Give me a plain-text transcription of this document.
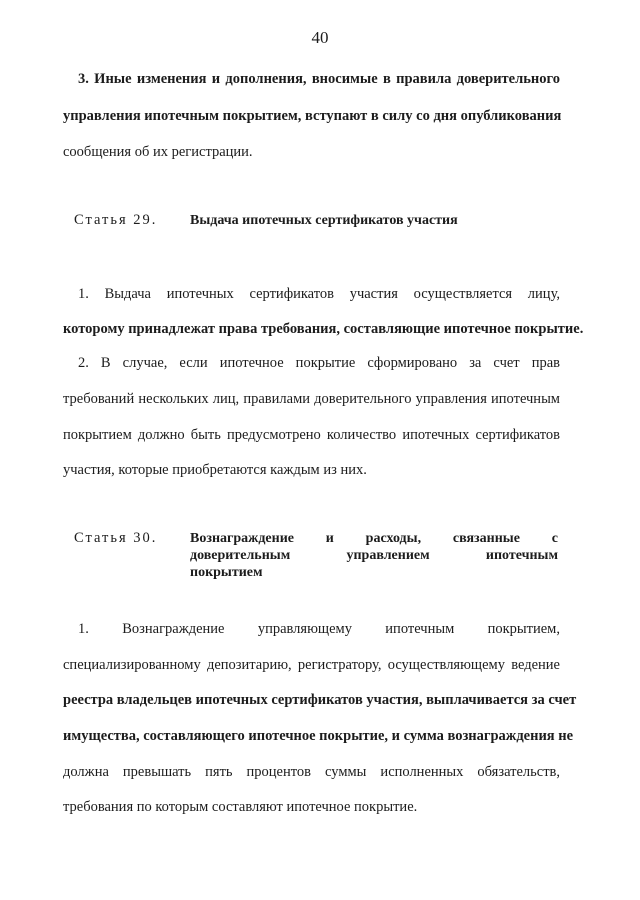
40
3. Иные изменения и дополнения, вносимые в правила доверительного
управления ипотечным покрытием, вступают в силу со дня опубликования
сообщения об их регистрации.
Статья 29. Выдача ипотечных сертификатов участия
1. Выдача ипотечных сертификатов участия осуществляется лицу,
которому принадлежат права требования, составляющие ипотечное покрытие.
2. В случае, если ипотечное покрытие сформировано за счет прав
требований нескольких лиц, правилами доверительного управления ипотечным
покрытием должно быть предусмотрено количество ипотечных сертификатов
участия, которые приобретаются каждым из них.
Статья 30. Вознаграждение и расходы, связанные с
доверительным управлением ипотечным
покрытием
1. Вознаграждение управляющему ипотечным покрытием,
специализированному депозитарию, регистратору, осуществляющему ведение
реестра владельцев ипотечных сертификатов участия, выплачивается за счет
имущества, составляющего ипотечное покрытие, и сумма вознаграждения не
должна превышать пять процентов суммы исполненных обязательств,
требования по которым составляют ипотечное покрытие.
